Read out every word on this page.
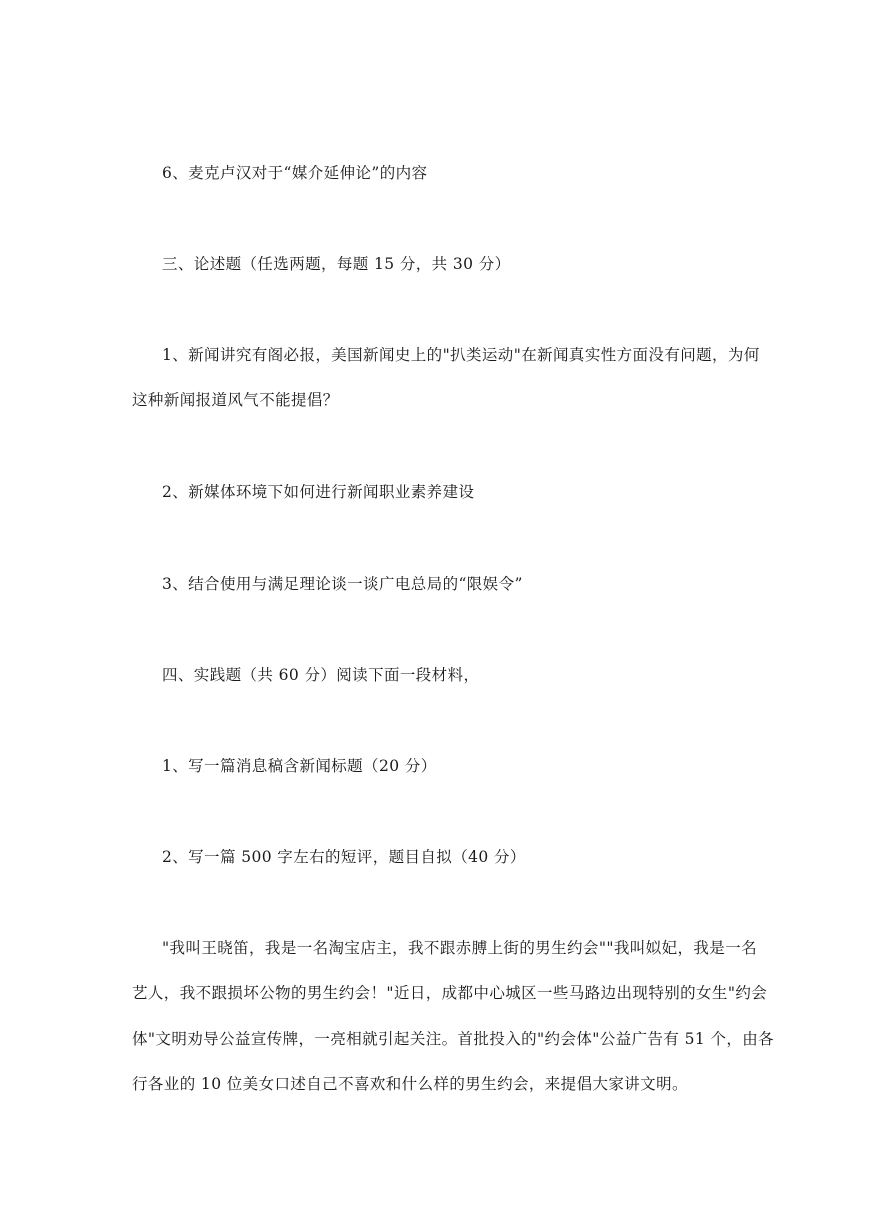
6、麦克卢汉对于“媒介延伸论”的内容
三、论述题（任选两题，每题 15 分，共 30 分）
1、新闻讲究有阁必报，美国新闻史上的"扒类运动"在新闻真实性方面没有问题，为何
这种新闻报道风气不能提倡？
2、新媒体环境下如何进行新闻职业素养建设
3、结合使用与满足理论谈一谈广电总局的“限娱令”
四、实践题（共 60 分）阅读下面一段材料，
1、写一篇消息稿含新闻标题（20 分）
2、写一篇 500 字左右的短评，题目自拟（40 分）
"我叫王晓笛，我是一名淘宝店主，我不跟赤膊上街的男生约会""我叫姒妃，我是一名
艺人，我不跟损坏公物的男生约会！"近日，成都中心城区一些马路边出现特别的女生"约会
体"文明劝导公益宣传牌，一亮相就引起关注。首批投入的"约会体"公益广告有 51 个，由各
行各业的 10 位美女口述自己不喜欢和什么样的男生约会，来提倡大家讲文明。
